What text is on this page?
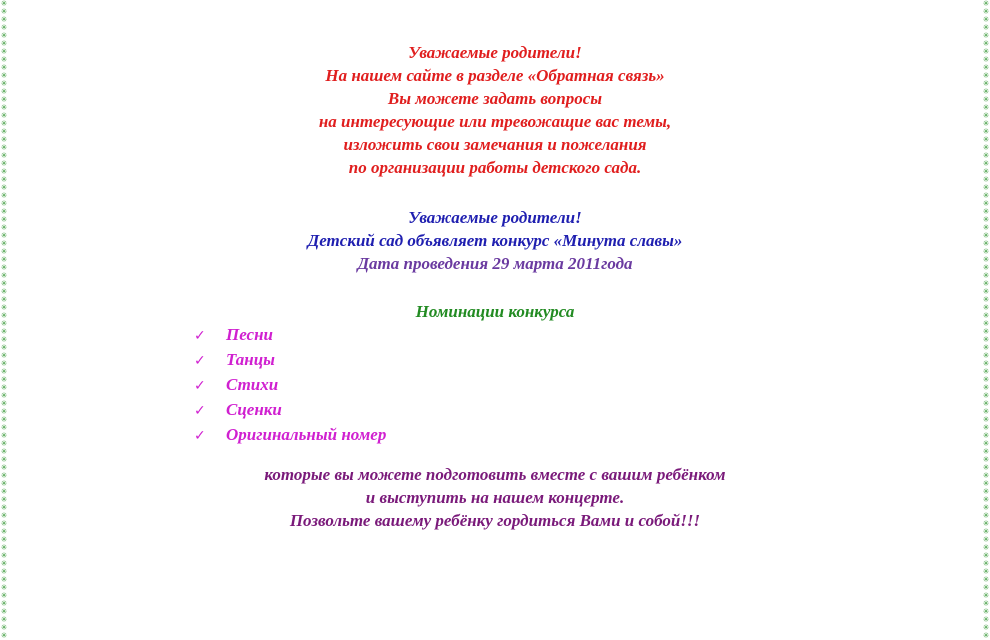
✳
✳
✳
✳
✳
✳
✳
✳
✳
✳
✳
✳
✳
✳
✳
✳
✳
✳
✳
✳
✳
✳
✳
✳
✳
✳
✳
✳
✳
✳
✳
✳
✳
✳
✳
✳
✳
✳
✳
✳
✳
✳
✳
✳
✳
✳
✳
✳
✳
✳
✳
✳
✳
✳
✳
✳
✳
✳
✳
✳
✳
✳
✳
✳
✳
✳
✳
✳
✳
✳
✳
✳
✳
✳
✳
✳
✳
✳
✳
✳
✳
✳
✳
✳
✳
✳
✳
✳
✳
✳
✳
✳
✳
✳
✳
✳
✳
✳
✳
✳
✳
✳
✳
✳
✳
✳
✳
✳
✳
✳
✳
✳
✳
✳
✳
✳
✳
✳
✳
✳
✳
✳
✳
✳
✳
✳
✳
✳
✳
✳
✳
✳
✳
✳
✳
✳
✳
✳
✳
✳
✳
✳
✳
✳
✳
✳
✳
✳
✳
✳
✳
✳
✳
✳
✳
✳
✳
✳
✳
✳
Уважаемые родители!
На нашем сайте в разделе «Обратная связь»
Вы можете задать вопросы
на интересующие или тревожащие вас темы,
изложить свои замечания и пожелания
по организации работы детского сада.
Уважаемые родители!
Детский сад объявляет конкурс «Минута славы»
Дата проведения 29 марта 2011года
Номинации конкурса
✓ Песни
✓ Танцы
✓ Стихи
✓ Сценки
✓ Оригинальный номер
которые вы можете подготовить вместе с вашим ребёнком
и выступить на нашем концерте.
Позвольте вашему ребёнку гордиться Вами и собой!!!
